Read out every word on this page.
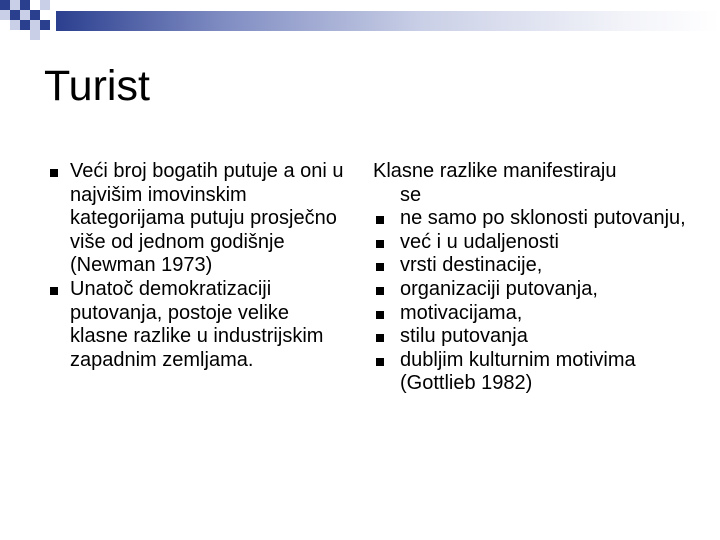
Turist
Veći broj bogatih putuje a oni u najvišim imovinskim kategorijama putuju prosječno više od jednom godišnje (Newman 1973)
Unatoč demokratizaciji putovanja, postoje velike klasne razlike u industrijskim zapadnim zemljama.
Klasne razlike manifestiraju
se
ne samo po sklonosti putovanju,
već i u udaljenosti
vrsti destinacije,
organizaciji putovanja,
motivacijama,
stilu putovanja
dubljim kulturnim motivima (Gottlieb 1982)
